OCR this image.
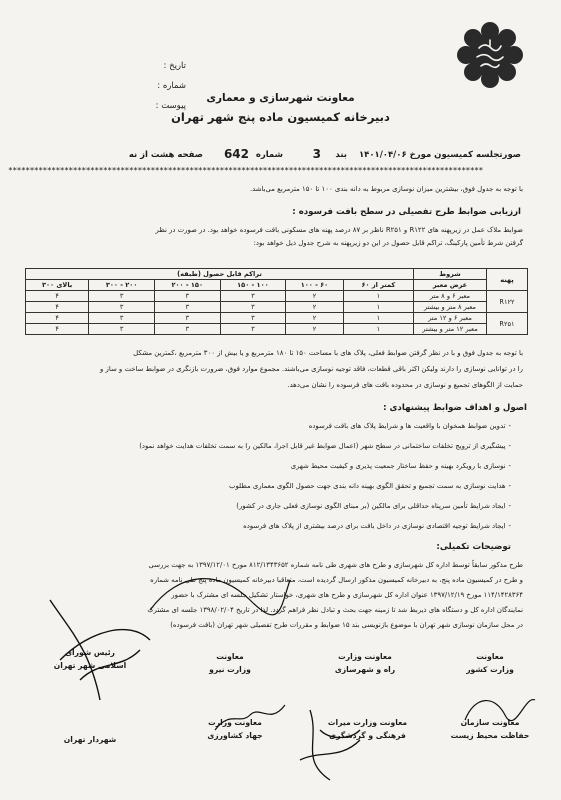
تاریخ :
شماره :
پیوست :
معاونت شهرسازی و معماری
دبیرخانه کمیسیون ماده پنج شهر تهران
صورتجلسه کمیسیون مورخ ۱۴۰۱/۰۴/۰۶
بند
3
شماره
642
صفحه هشت از نه
**************************************************************************************************************
با توجه به جدول فوق، بیشترین میزان نوسازی مربوط به دانه بندی ۱۰۰ تا ۱۵۰ مترمربع می‌باشد.
ارزیابی ضوابط طرح تفصیلی در سطح بافت فرسوده :
ضوابط ملاک عمل در زیرپهنه های R۱۲۲ و R۲۵۱ ناظر بر ۸۷ درصد پهنه های مسکونی بافت فرسوده خواهد بود. در صورت در نظر
گرفتن شرط تأمین پارکینگ، تراکم قابل حصول در این دو زیرپهنه به شرح جدول ذیل خواهد بود:
پهنه	شروط	تراکم قابل حصول (طبقه)					
	عرض معبر	کمتر از ۶۰	۶۰ - ۱۰۰	۱۰۰ - ۱۵۰	۱۵۰ - ۲۰۰	۲۰۰ - ۳۰۰	بالای ۳۰۰
R۱۲۲	معبر ۶ و ۸ متر	۱	۲	۳	۳	۳	۴
	معبر ۸ متر و بیشتر	۱	۲	۳	۳	۳	۴
R۲۵۱	معبر ۶ و ۱۲ متر	۱	۲	۳	۳	۳	۴
	معبر ۱۲ متر و بیشتر	۱	۲	۳	۳	۳	۴
با توجه به جدول فوق و با در نظر گرفتن ضوابط فعلی، پلاک های با مساحت ۱۵۰ تا ۱۸۰ مترمربع و یا بیش از ۳۰۰ مترمربع ،کمترین مشکل
را در توانایی نوسازی را دارند ولیکن اکثر باقی قطعات، فاقد توجیه نوسازی می‌باشند. مجموع موارد فوق، ضرورت بازنگری در ضوابط ساخت و ساز و
حمایت از الگوهای تجمیع و نوسازی در محدوده بافت های فرسوده را نشان می‌دهد.
اصول و اهداف ضوابط پیشنهادی :
- تدوین ضوابط همخوان با واقعیت ها و شرایط پلاک های بافت فرسوده
- پیشگیری از ترویج تخلفات ساختمانی در سطح شهر (اعمال ضوابط غیر قابل اجرا، مالکین را به سمت تخلفات هدایت خواهد نمود)
- نوسازی با رویکرد بهینه و حفظ ساختار جمعیت پذیری و کیفیت محیط شهری
- هدایت نوسازی به سمت تجمیع و تحقق الگوی بهینه دانه بندی جهت حصول الگوی معماری مطلوب
- ایجاد شرایط تأمین سرپناه حداقلی برای مالکین (بر مبنای الگوی نوسازی فعلی جاری در کشور)
- ایجاد شرایط توجیه اقتصادی نوسازی در داخل بافت برای درصد بیشتری از پلاک های فرسوده
توضیحات تکمیلی:
طرح مذکور سابقاً توسط اداره کل شهرسازی و طرح های شهری طی نامه شماره ۸۱۲/۱۳۴۳۶۵۲ مورخ ۱۳۹۷/۱۲/۰۱ به جهت بررسی
و طرح در کمیسیون ماده پنج، به دبیرخانه کمیسیون مذکور ارسال گردیده است، متعاقبا دبیرخانه کمیسیون ماده پنج طی نامه شماره
۱۱۴/۱۴۲۸۳۶۴ مورخ ۱۳۹۷/۱۲/۱۹ عنوان اداره کل شهرسازی و طرح های شهری، خواستار تشکیل جلسه ای مشترک با حضور
نمایندگان اداره کل و دستگاه های ذیربط شد تا زمینه جهت بحث و تبادل نظر فراهم گردد. لذا در تاریخ ۱۳۹۸/۰۲/۰۴ جلسه ای مشترک
در محل سازمان نوسازی شهر تهران با موضوع بازنویسی بند ۱۵ ضوابط و مقررات طرح تفصیلی شهر تهران (بافت فرسوده)
رئیس شورای
اسلامی شهر تهران
معاونت
وزارت نیرو
معاونت وزارت
راه و شهرسازی
معاونت
وزارت کشور
شهردار تهران
معاونت وزارت
جهاد کشاورزی
معاونت وزارت میراث
فرهنگی و گردشگری
معاونت سازمان
حفاظت محیط زیست
